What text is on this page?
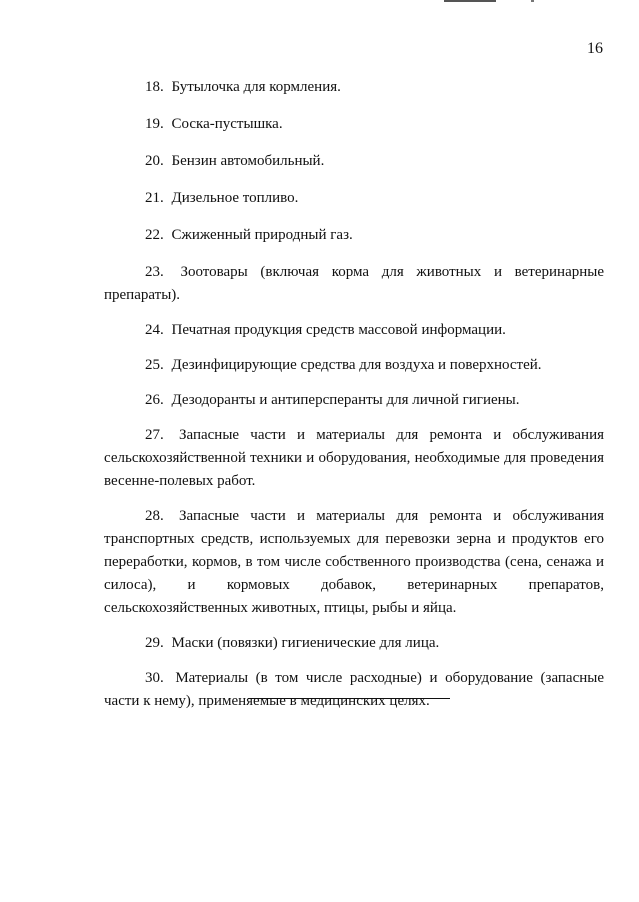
16

18. Бутылочка для кормления.

19. Соска-пустышка.

20. Бензин автомобильный.

21. Дизельное топливо.

22. Сжиженный природный газ.

23. Зоотовары (включая корма для животных и ветеринарные препараты).

24. Печатная продукция средств массовой информации.

25. Дезинфицирующие средства для воздуха и поверхностей.

26. Дезодоранты и антиперспеpанты для личной гигиены.

27. Запасные части и материалы для ремонта и обслуживания сельскохозяйственной техники и оборудования, необходимые для проведения весенне-полевых работ.

28. Запасные части и материалы для ремонта и обслуживания транспортных средств, используемых для перевозки зерна и продуктов его переработки, кормов, в том числе собственного производства (сена, сенажа и силоса), и кормовых добавок, ветеринарных препаратов, сельскохозяйственных животных, птицы, рыбы и яйца.

29. Маски (повязки) гигиенические для лица.

30. Материалы (в том числе расходные) и оборудование (запасные части к нему), применяемые в медицинских целях.
